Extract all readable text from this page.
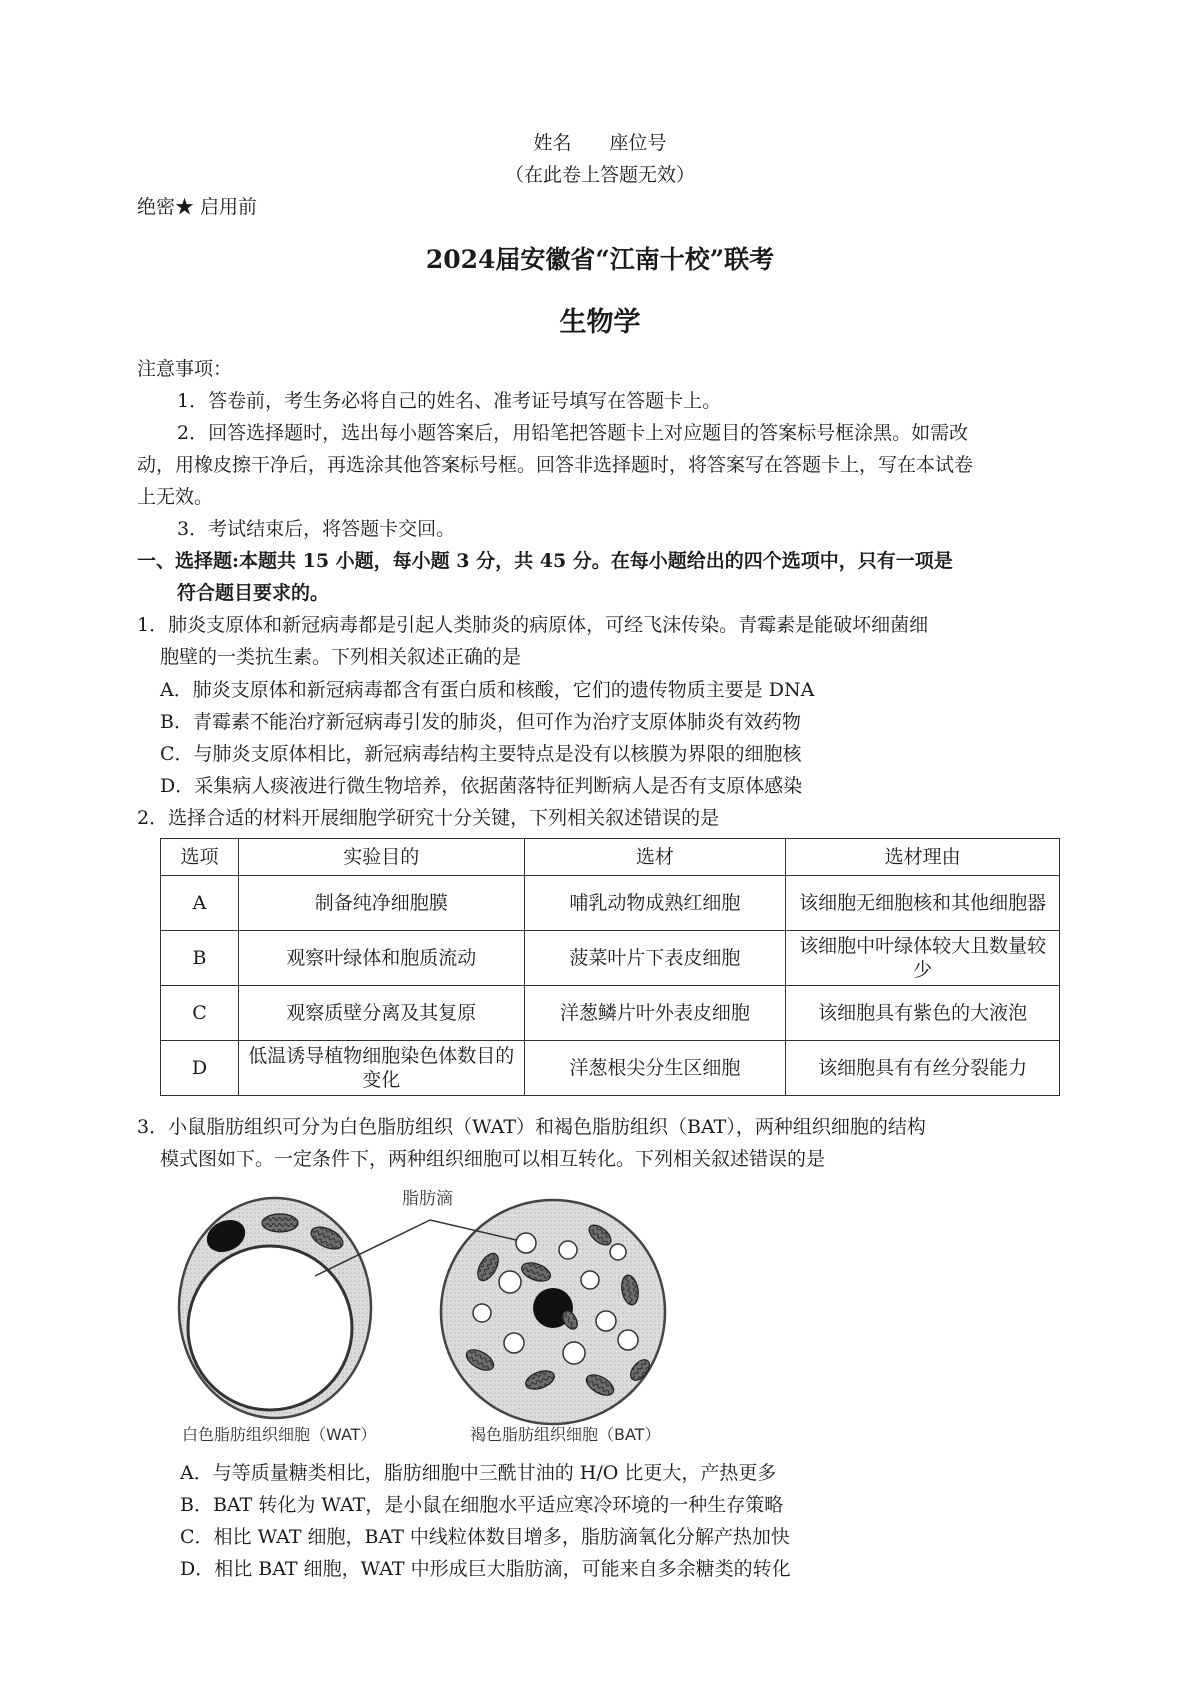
姓名　　座位号
（在此卷上答题无效）
绝密★ 启用前
2024届安徽省“江南十校”联考
生物学
注意事项：
1．答卷前，考生务必将自己的姓名、准考证号填写在答题卡上。
2．回答选择题时，选出每小题答案后，用铅笔把答题卡上对应题目的答案标号框涂黑。如需改
动，用橡皮擦干净后，再选涂其他答案标号框。回答非选择题时，将答案写在答题卡上，写在本试卷
上无效。
3．考试结束后，将答题卡交回。
一、选择题:本题共 15 小题，每小题 3 分，共 45 分。在每小题给出的四个选项中，只有一项是
符合题目要求的。
1．肺炎支原体和新冠病毒都是引起人类肺炎的病原体，可经飞沫传染。青霉素是能破坏细菌细
胞壁的一类抗生素。下列相关叙述正确的是
A．肺炎支原体和新冠病毒都含有蛋白质和核酸，它们的遗传物质主要是 DNA
B．青霉素不能治疗新冠病毒引发的肺炎，但可作为治疗支原体肺炎有效药物
C．与肺炎支原体相比，新冠病毒结构主要特点是没有以核膜为界限的细胞核
D．采集病人痰液进行微生物培养，依据菌落特征判断病人是否有支原体感染
2．选择合适的材料开展细胞学研究十分关键，下列相关叙述错误的是
选项	实验目的	选材	选材理由
A	制备纯净细胞膜	哺乳动物成熟红细胞	该细胞无细胞核和其他细胞器
B	观察叶绿体和胞质流动	菠菜叶片下表皮细胞	该细胞中叶绿体较大且数量较少
C	观察质壁分离及其复原	洋葱鳞片叶外表皮细胞	该细胞具有紫色的大液泡
D	低温诱导植物细胞染色体数目的变化	洋葱根尖分生区细胞	该细胞具有有丝分裂能力
3．小鼠脂肪组织可分为白色脂肪组织（WAT）和褐色脂肪组织（BAT），两种组织细胞的结构
模式图如下。一定条件下，两种组织细胞可以相互转化。下列相关叙述错误的是
脂肪滴
白色脂肪组织细胞（WAT）	褐色脂肪组织细胞（BAT）
A．与等质量糖类相比，脂肪细胞中三酰甘油的 H/O 比更大，产热更多
B．BAT 转化为 WAT，是小鼠在细胞水平适应寒冷环境的一种生存策略
C．相比 WAT 细胞，BAT 中线粒体数目增多，脂肪滴氧化分解产热加快
D．相比 BAT 细胞，WAT 中形成巨大脂肪滴，可能来自多余糖类的转化
